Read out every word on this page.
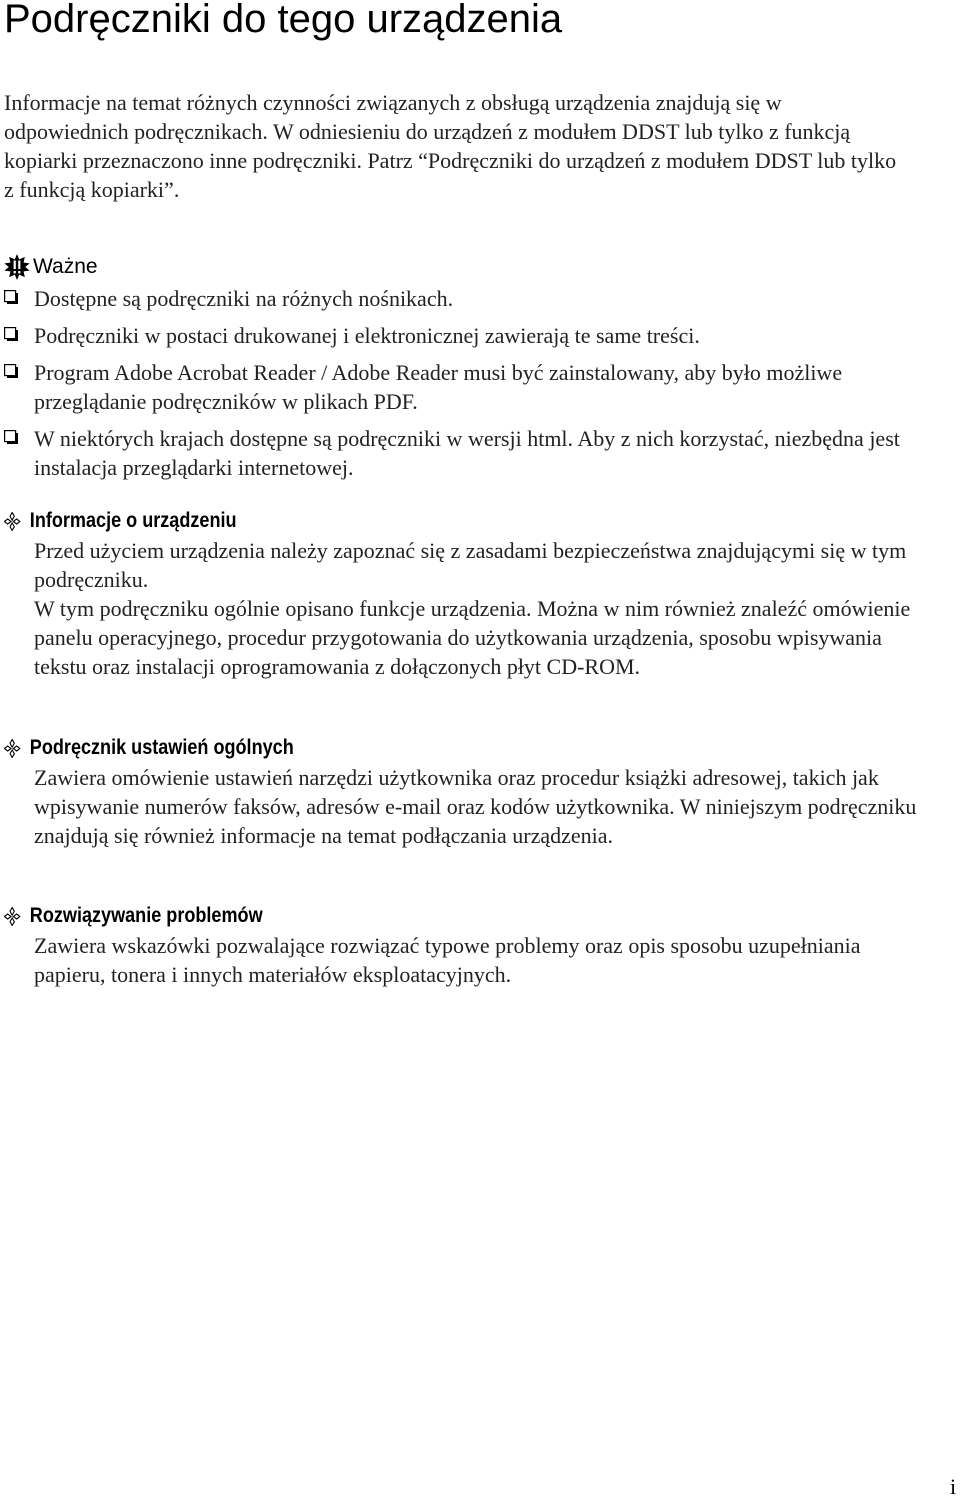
Podręczniki do tego urządzenia

Informacje na temat różnych czynności związanych z obsługą urządzenia znajdują się w odpowiednich podręcznikach. W odniesieniu do urządzeń z modułem DDST lub tylko z funkcją kopiarki przeznaczono inne podręczniki. Patrz “Podręczniki do urządzeń z modułem DDST lub tylko z funkcją kopiarki”.

Ważne
Dostępne są podręczniki na różnych nośnikach.
Podręczniki w postaci drukowanej i elektronicznej zawierają te same treści.
Program Adobe Acrobat Reader / Adobe Reader musi być zainstalowany, aby było możliwe przeglądanie podręczników w plikach PDF.
W niektórych krajach dostępne są podręczniki w wersji html. Aby z nich korzystać, niezbędna jest instalacja przeglądarki internetowej.
Informacje o urządzeniu

Przed użyciem urządzenia należy zapoznać się z zasadami bezpieczeństwa znajdującymi się w tym podręczniku.

W tym podręczniku ogólnie opisano funkcje urządzenia. Można w nim również znaleźć omówienie panelu operacyjnego, procedur przygotowania do użytkowania urządzenia, sposobu wpisywania tekstu oraz instalacji oprogramowania z dołączonych płyt CD-ROM.

Podręcznik ustawień ogólnych

Zawiera omówienie ustawień narzędzi użytkownika oraz procedur książki adresowej, takich jak wpisywanie numerów faksów, adresów e-mail oraz kodów użytkownika. W niniejszym podręczniku znajdują się również informacje na temat podłączania urządzenia.

Rozwiązywanie problemów

Zawiera wskazówki pozwalające rozwiązać typowe problemy oraz opis sposobu uzupełniania papieru, tonera i innych materiałów eksploatacyjnych.

i
